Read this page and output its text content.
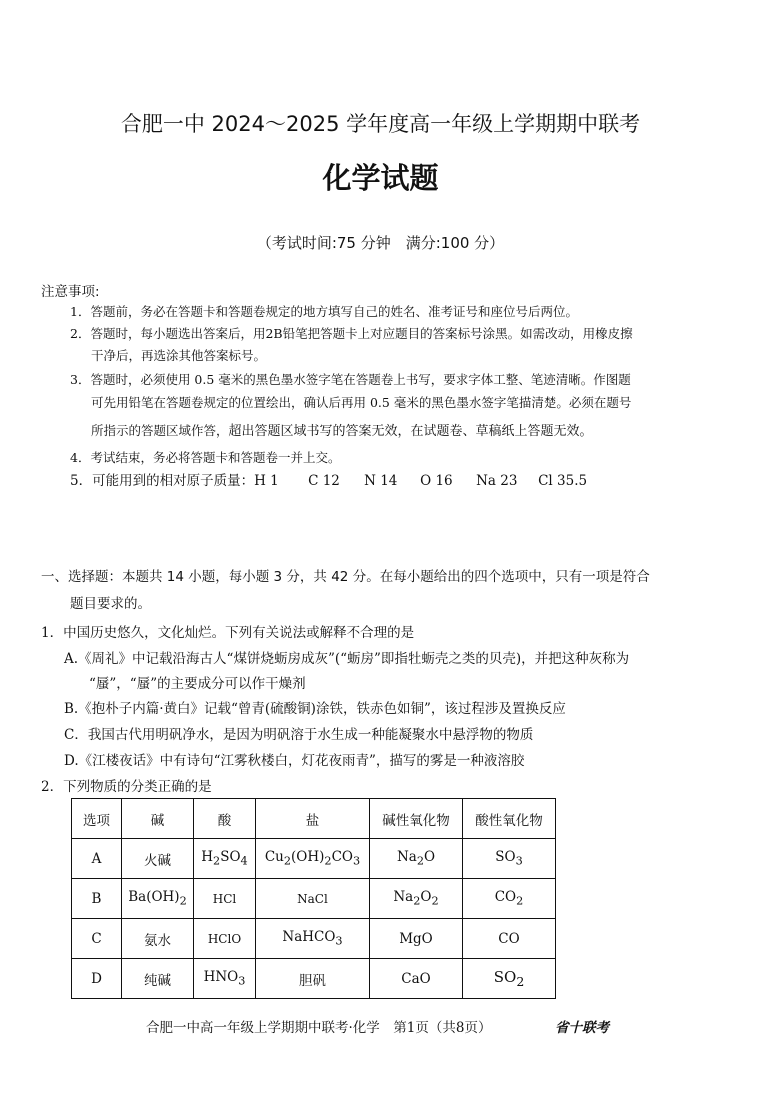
合肥一中 2024～2025 学年度高一年级上学期期中联考
化学试题
（考试时间:75 分钟　满分:100 分）
注意事项:
1．答题前，务必在答题卡和答题卷规定的地方填写自己的姓名、准考证号和座位号后两位。
2．答题时，每小题选出答案后，用2B铅笔把答题卡上对应题目的答案标号涂黑。如需改动，用橡皮擦
干净后，再选涂其他答案标号。
3．答题时，必须使用 0.5 毫米的黑色墨水签字笔在答题卷上书写，要求字体工整、笔迹清晰。作图题
可先用铅笔在答题卷规定的位置绘出，确认后再用 0.5 毫米的黑色墨水签字笔描清楚。必须在题号
所指示的答题区域作答，超出答题区域书写的答案无效，在试题卷、草稿纸上答题无效。
4．考试结束，务必将答题卡和答题卷一并上交。
5．可能用到的相对原子质量：H 1 C 12 N 14 O 16 Na 23 Cl 35.5
一、选择题：本题共 14 小题，每小题 3 分，共 42 分。在每小题给出的四个选项中，只有一项是符合
题目要求的。
1．中国历史悠久，文化灿烂。下列有关说法或解释不合理的是
A.《周礼》中记载沿海古人“煤饼烧蛎房成灰”(“蛎房”即指牡蛎壳之类的贝壳)，并把这种灰称为
“蜃”，“蜃”的主要成分可以作干燥剂
B.《抱朴子内篇·黄白》记载“曾青(硫酸铜)涂铁，铁赤色如铜”，该过程涉及置换反应
C．我国古代用明矾净水，是因为明矾溶于水生成一种能凝聚水中悬浮物的物质
D.《江楼夜话》中有诗句“江雾秋楼白，灯花夜雨青”，描写的雾是一种液溶胶
2．下列物质的分类正确的是
选项	碱	酸	盐	碱性氧化物	酸性氧化物
A	火碱	$H_2SO_4$	$Cu_2(OH)_2CO_3$	$Na_2O$	$SO_3$
B	$Ba(OH)_2$	HCl	NaCl	$Na_2O_2$	$CO_2$
C	氨水	HClO	NaHCO$_3$	MgO	CO
D	纯碱	$HNO_3$	胆矾	CaO	$SO_2$
合肥一中高一年级上学期期中联考·化学　第1页（共8页）	省十联考
